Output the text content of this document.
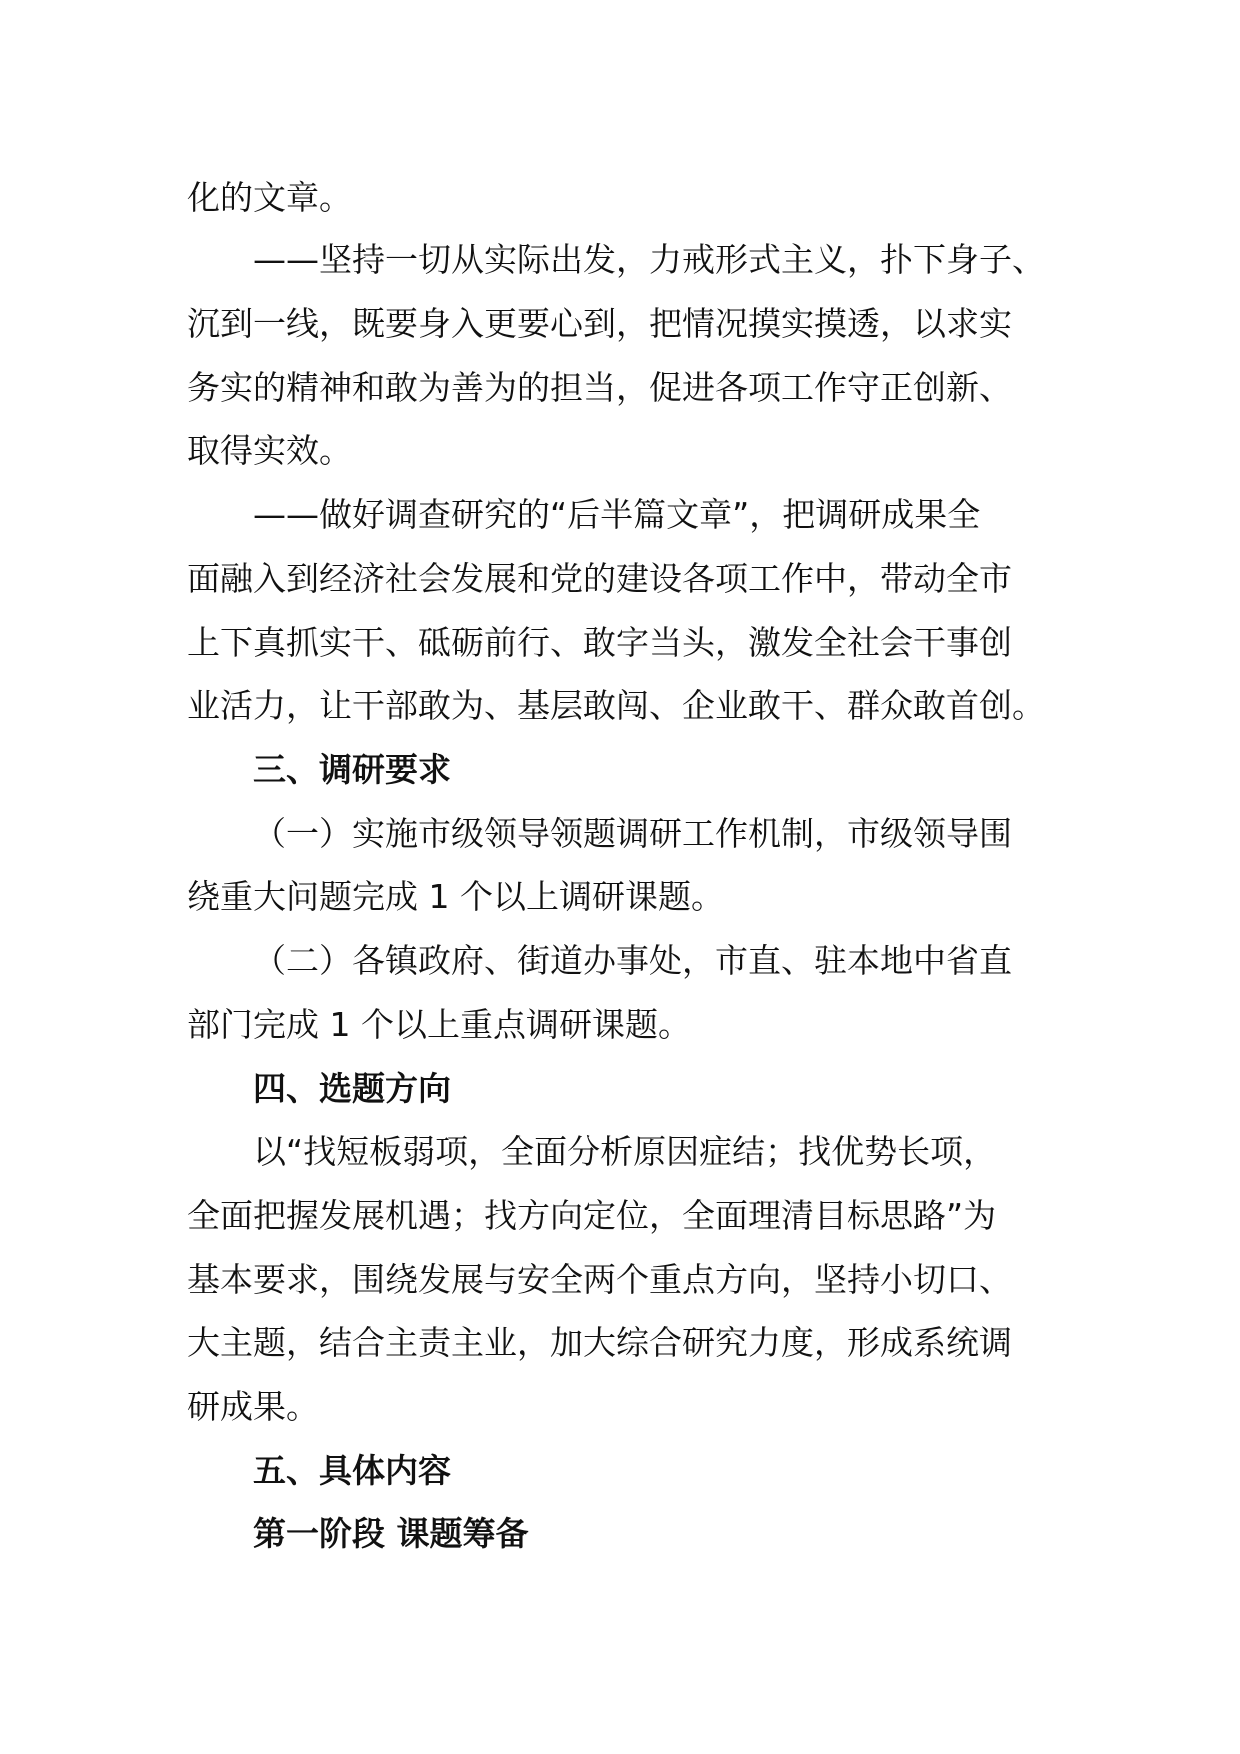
化的文章。
——坚持一切从实际出发，力戒形式主义，扑下身子、
沉到一线，既要身入更要心到，把情况摸实摸透，以求实
务实的精神和敢为善为的担当，促进各项工作守正创新、
取得实效。
——做好调查研究的“后半篇文章”，把调研成果全
面融入到经济社会发展和党的建设各项工作中，带动全市
上下真抓实干、砥砺前行、敢字当头，激发全社会干事创
业活力，让干部敢为、基层敢闯、企业敢干、群众敢首创。
三、调研要求
（一）实施市级领导领题调研工作机制，市级领导围
绕重大问题完成 1 个以上调研课题。
（二）各镇政府、街道办事处，市直、驻本地中省直
部门完成 1 个以上重点调研课题。
四、选题方向
以“找短板弱项，全面分析原因症结；找优势长项，
全面把握发展机遇；找方向定位，全面理清目标思路”为
基本要求，围绕发展与安全两个重点方向，坚持小切口、
大主题，结合主责主业，加大综合研究力度，形成系统调
研成果。
五、具体内容
第一阶段 课题筹备
